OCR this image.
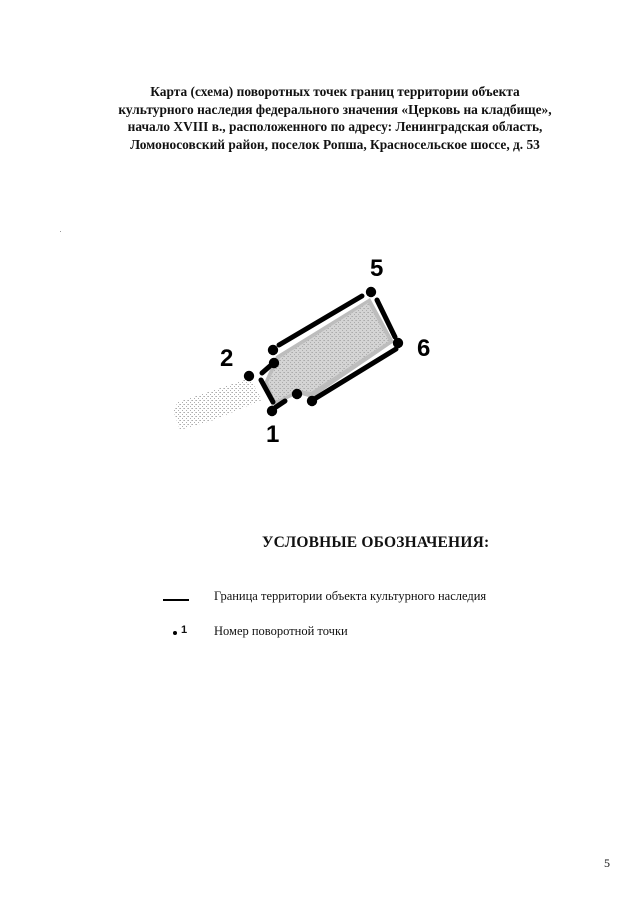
Карта (схема) поворотных точек границ территории объекта
культурного наследия федерального значения «Церковь на кладбище»,
начало XVIII в., расположенного по адресу: Ленинградская область,
Ломоносовский район, поселок Ропша, Красносельское шоссе, д. 53
1
2
5
6
УСЛОВНЫЕ ОБОЗНАЧЕНИЯ:
Граница территории объекта культурного наследия
1 Номер поворотной точки
5
